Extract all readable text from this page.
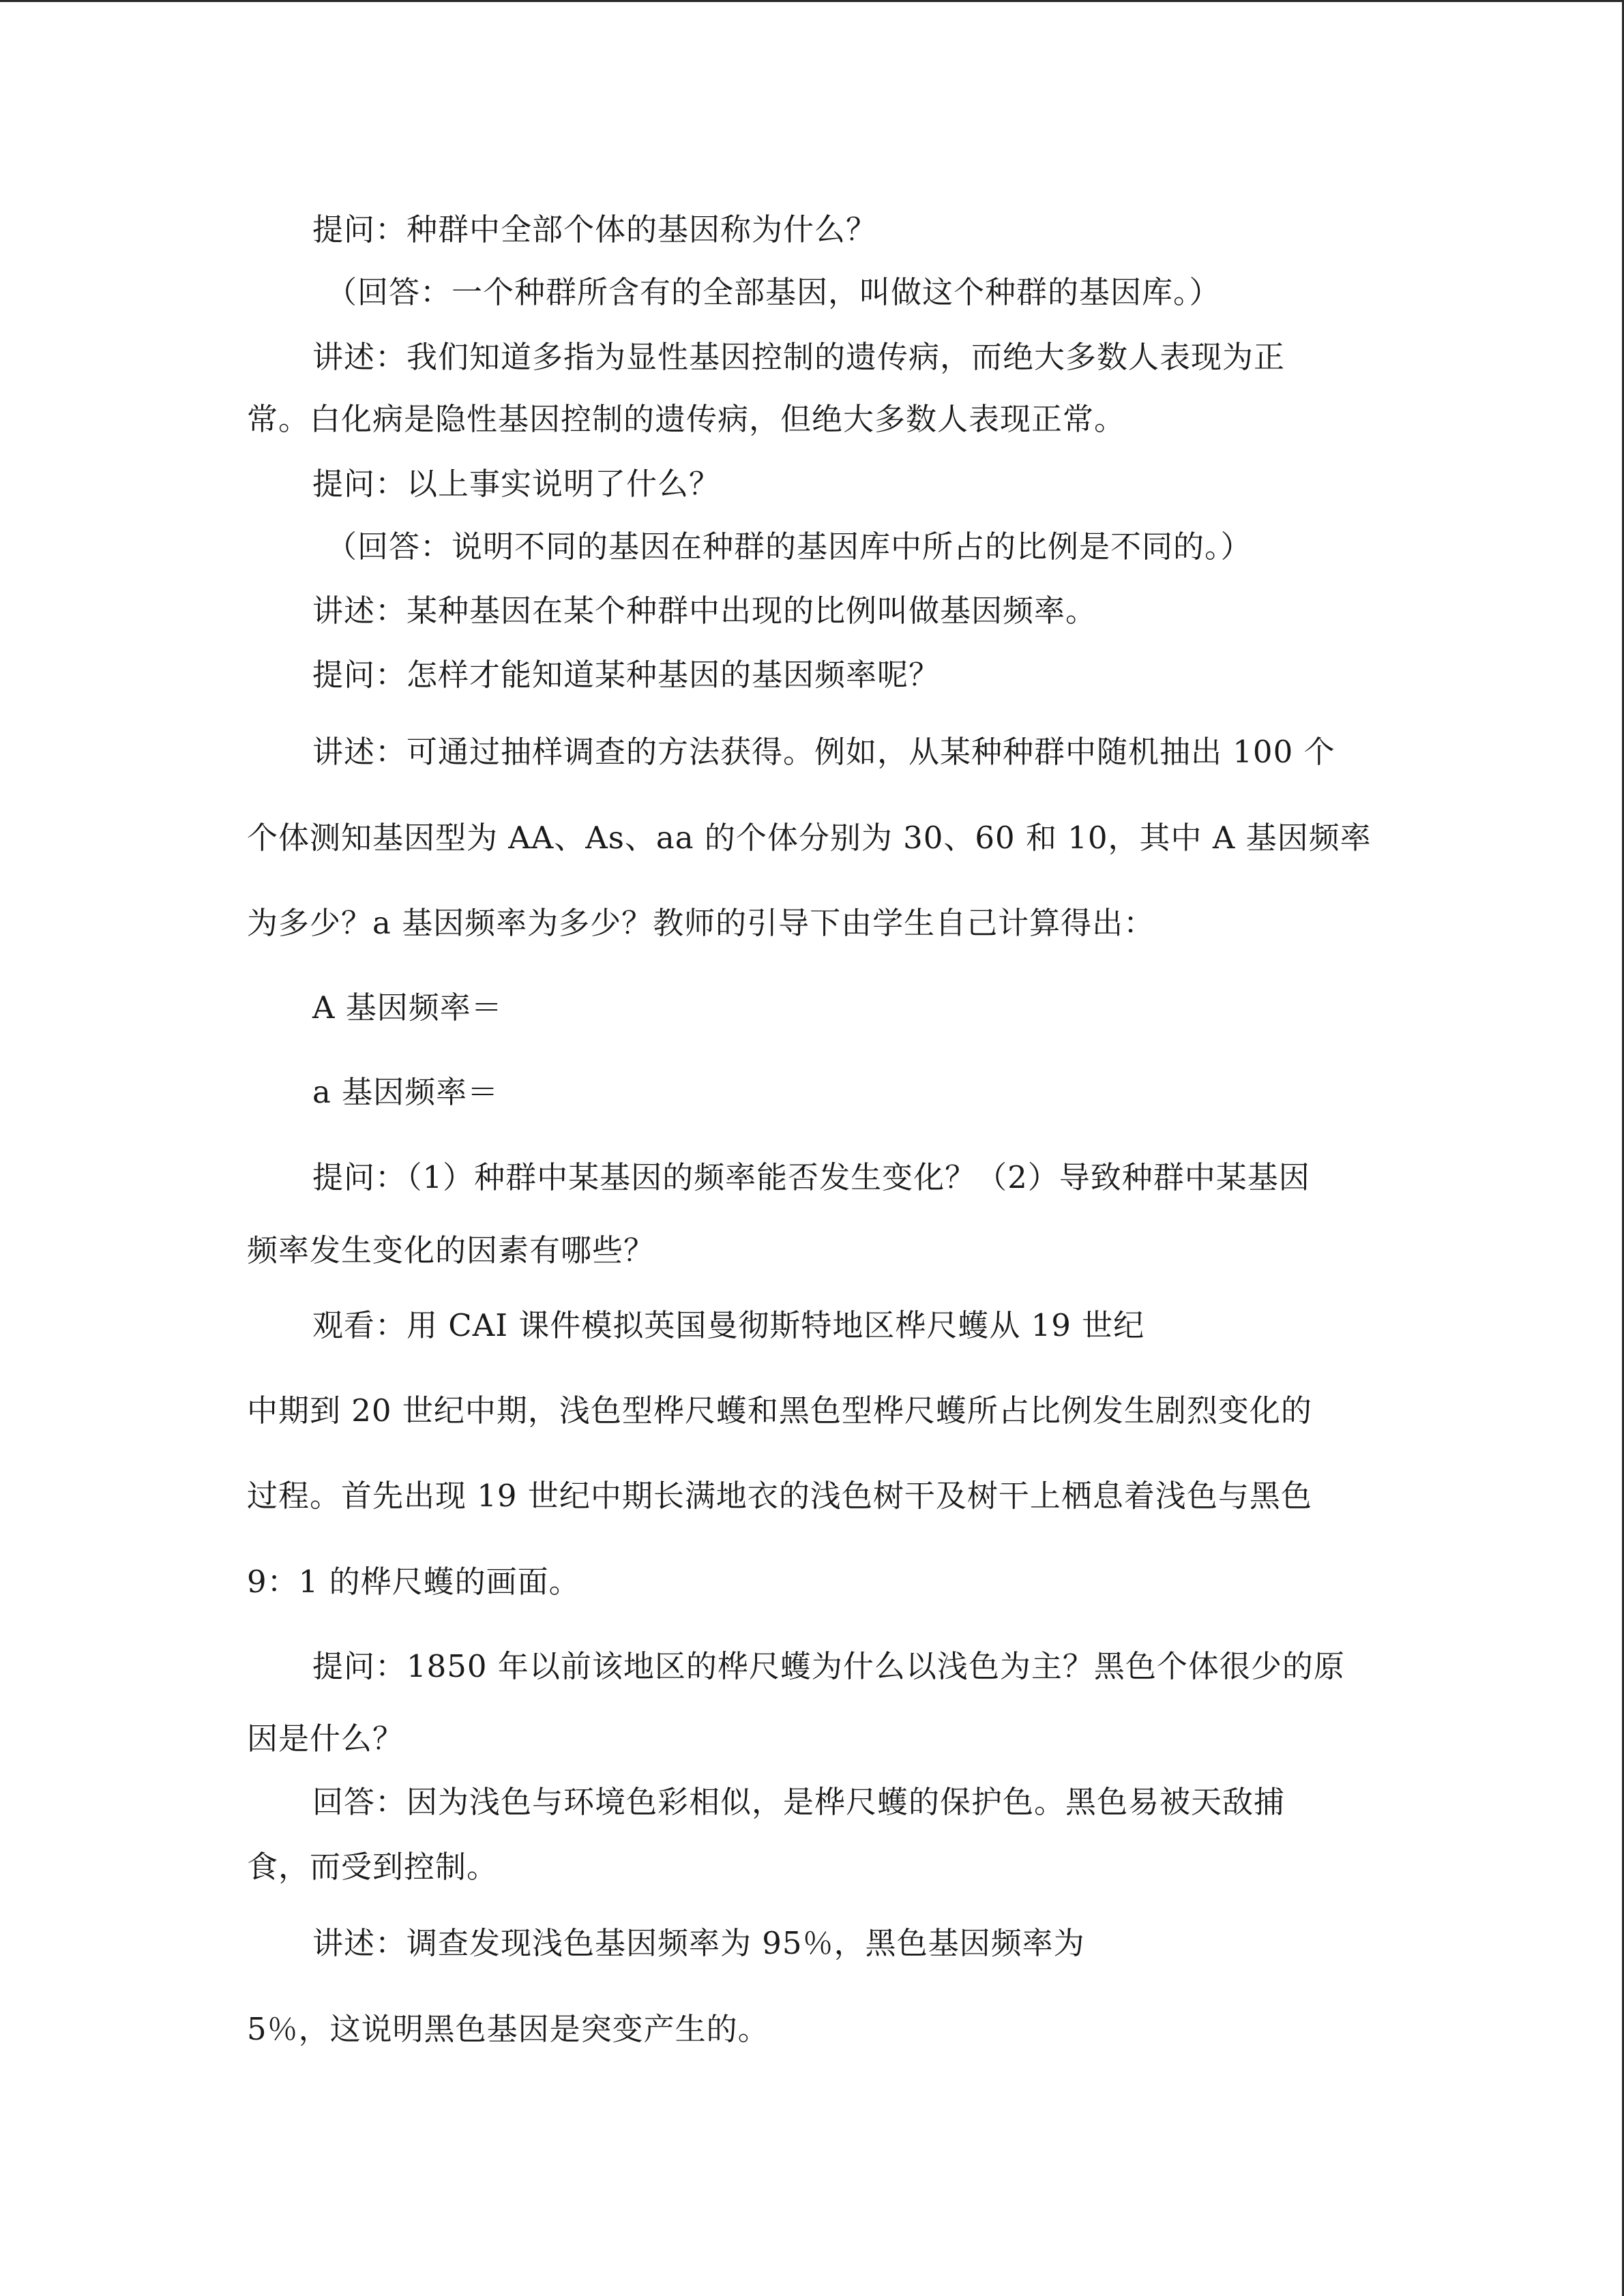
提问：种群中全部个体的基因称为什么？
（回答：一个种群所含有的全部基因，叫做这个种群的基因库。）
讲述：我们知道多指为显性基因控制的遗传病，而绝大多数人表现为正
常。白化病是隐性基因控制的遗传病，但绝大多数人表现正常。
提问：以上事实说明了什么？
（回答：说明不同的基因在种群的基因库中所占的比例是不同的。）
讲述：某种基因在某个种群中出现的比例叫做基因频率。
提问：怎样才能知道某种基因的基因频率呢？
讲述：可通过抽样调查的方法获得。例如，从某种种群中随机抽出 100 个
个体测知基因型为 AA、As、aa 的个体分别为 30、60 和 10，其中 A 基因频率
为多少？a 基因频率为多少？教师的引导下由学生自己计算得出：
A 基因频率＝
a 基因频率＝
提问：（1）种群中某基因的频率能否发生变化？（2）导致种群中某基因
频率发生变化的因素有哪些？
观看：用 CAI 课件模拟英国曼彻斯特地区桦尺蠖从 19 世纪
中期到 20 世纪中期，浅色型桦尺蠖和黑色型桦尺蠖所占比例发生剧烈变化的
过程。首先出现 19 世纪中期长满地衣的浅色树干及树干上栖息着浅色与黑色
9：1 的桦尺蠖的画面。
提问：1850 年以前该地区的桦尺蠖为什么以浅色为主？黑色个体很少的原
因是什么？
回答：因为浅色与环境色彩相似，是桦尺蠖的保护色。黑色易被天敌捕
食，而受到控制。
讲述：调查发现浅色基因频率为 95％，黑色基因频率为
5％，这说明黑色基因是突变产生的。
